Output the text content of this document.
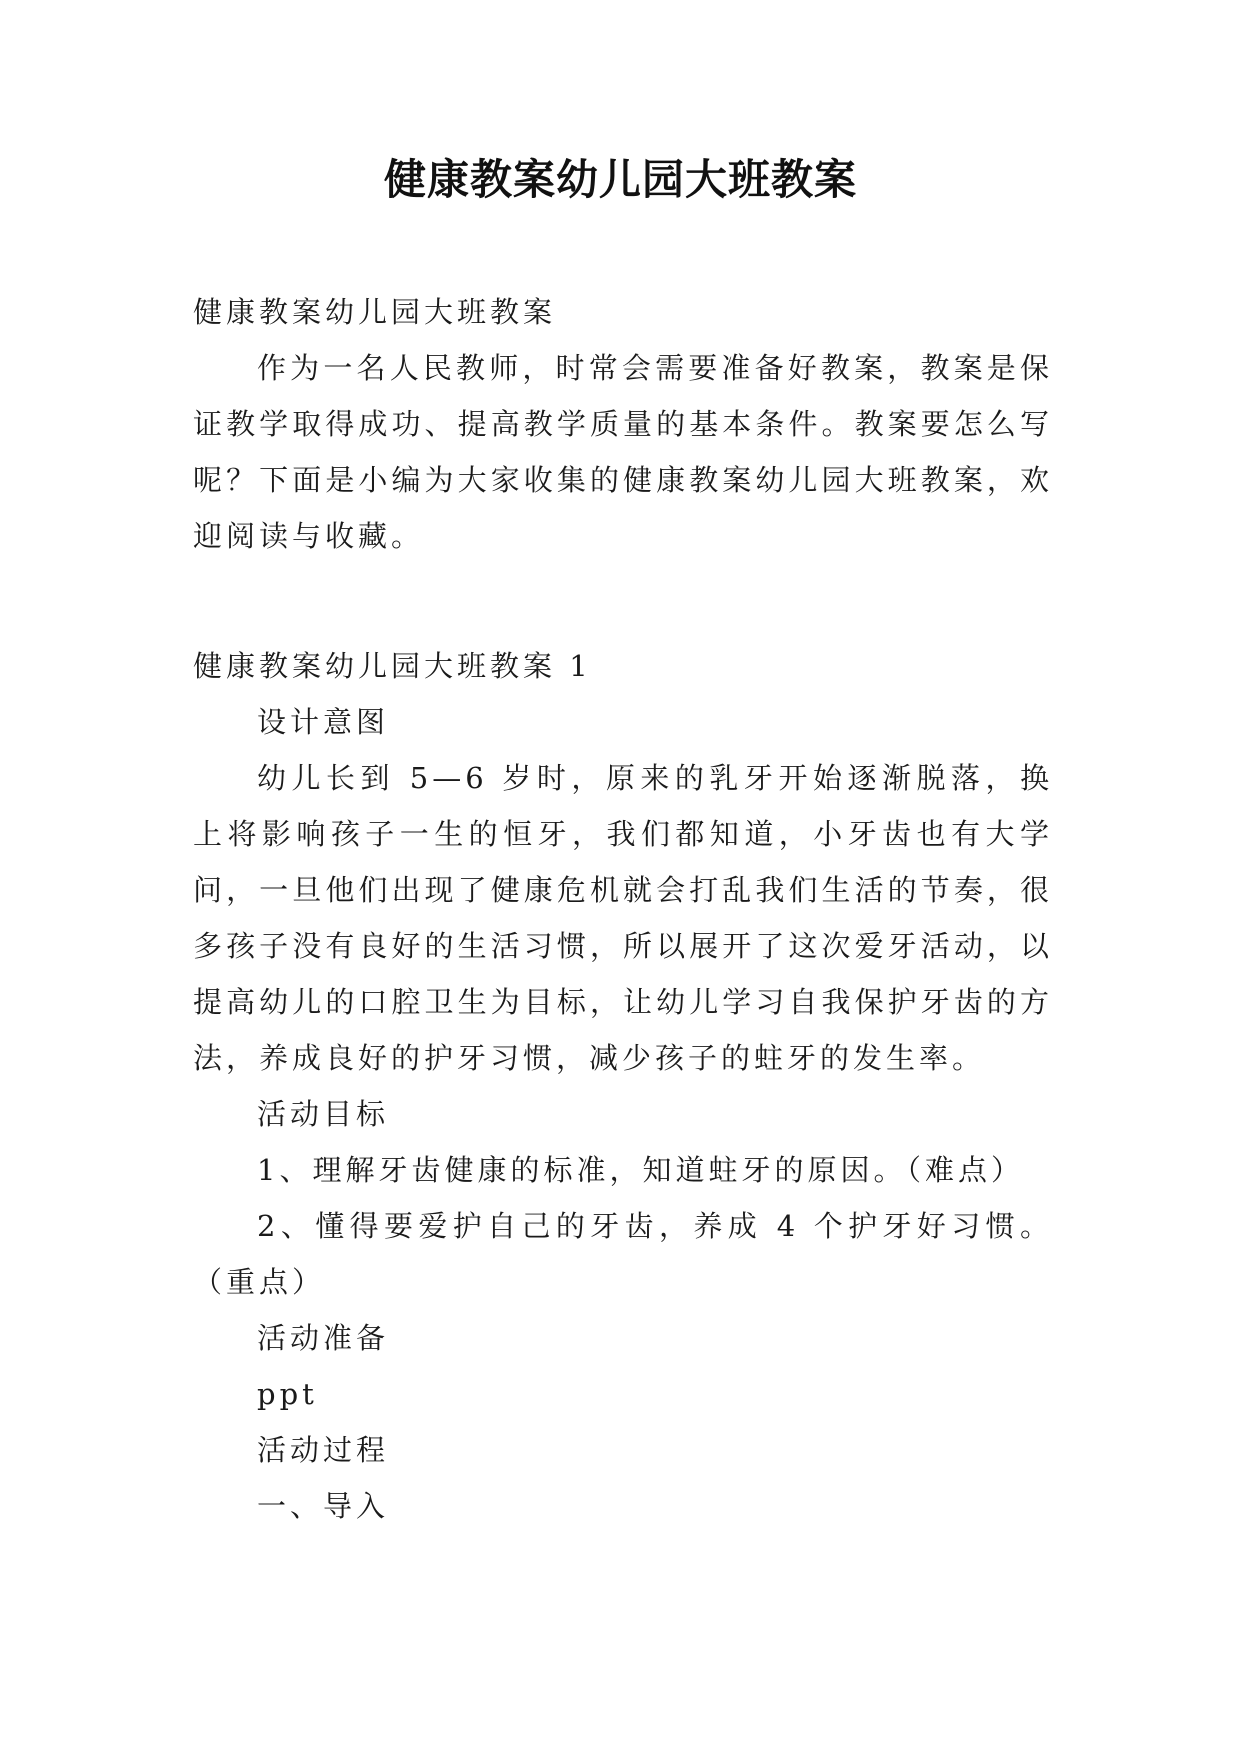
健康教案幼儿园大班教案

健康教案幼儿园大班教案

作为一名人民教师，时常会需要准备好教案，教案是保证教学取得成功、提高教学质量的基本条件。教案要怎么写呢？下面是小编为大家收集的健康教案幼儿园大班教案，欢迎阅读与收藏。

健康教案幼儿园大班教案 1

设计意图

幼儿长到 5—6 岁时，原来的乳牙开始逐渐脱落，换上将影响孩子一生的恒牙，我们都知道，小牙齿也有大学问，一旦他们出现了健康危机就会打乱我们生活的节奏，很多孩子没有良好的生活习惯，所以展开了这次爱牙活动，以提高幼儿的口腔卫生为目标，让幼儿学习自我保护牙齿的方法，养成良好的护牙习惯，减少孩子的蛀牙的发生率。

活动目标

1、理解牙齿健康的标准，知道蛀牙的原因。（难点）

2、懂得要爱护自己的牙齿，养成 4 个护牙好习惯。（重点）

活动准备

ppt

活动过程

一、导入
